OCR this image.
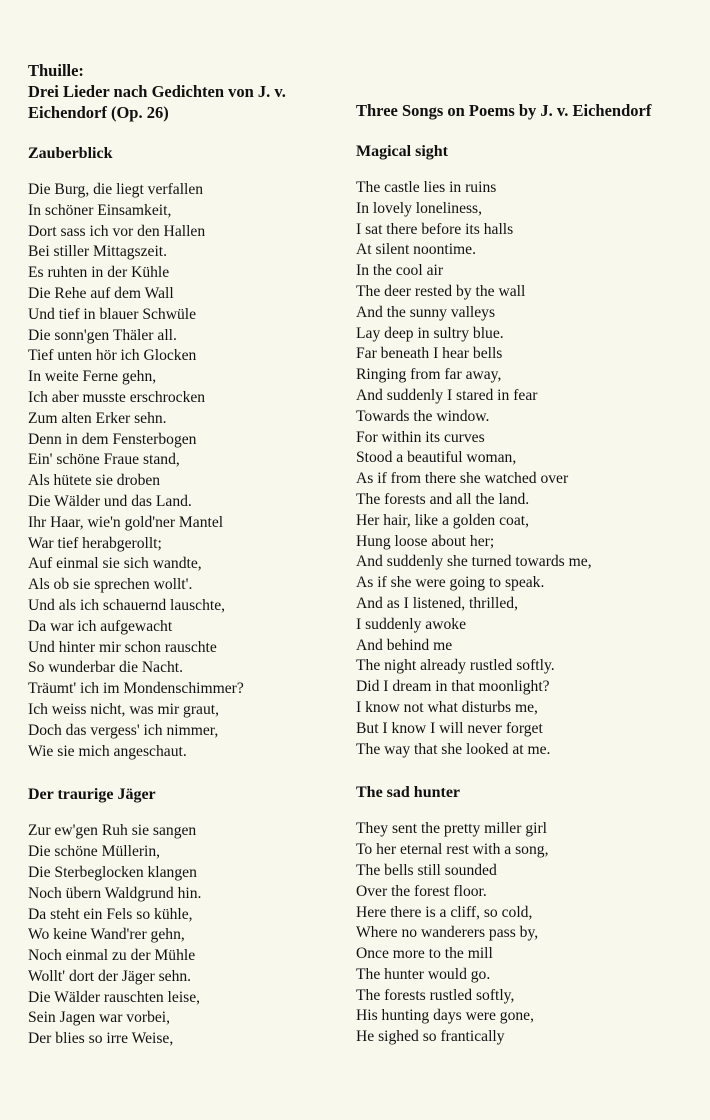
Thuille:

Drei Lieder nach Gedichten von J. v.

Eichendorf (Op. 26)

Zauberblick

Die Burg, die liegt verfallen

In schöner Einsamkeit,

Dort sass ich vor den Hallen

Bei stiller Mittagszeit.

Es ruhten in der Kühle

Die Rehe auf dem Wall

Und tief in blauer Schwüle

Die sonn'gen Thäler all.

Tief unten hör ich Glocken

In weite Ferne gehn,

Ich aber musste erschrocken

Zum alten Erker sehn.

Denn in dem Fensterbogen

Ein' schöne Fraue stand,

Als hütete sie droben

Die Wälder und das Land.

Ihr Haar, wie'n gold'ner Mantel

War tief herabgerollt;

Auf einmal sie sich wandte,

Als ob sie sprechen wollt'.

Und als ich schauernd lauschte,

Da war ich aufgewacht

Und hinter mir schon rauschte

So wunderbar die Nacht.

Träumt' ich im Mondenschimmer?

Ich weiss nicht, was mir graut,

Doch das vergess' ich nimmer,

Wie sie mich angeschaut.

Der traurige Jäger

Zur ew'gen Ruh sie sangen

Die schöne Müllerin,

Die Sterbeglocken klangen

Noch übern Waldgrund hin.

Da steht ein Fels so kühle,

Wo keine Wand'rer gehn,

Noch einmal zu der Mühle

Wollt' dort der Jäger sehn.

Die Wälder rauschten leise,

Sein Jagen war vorbei,

Der blies so irre Weise,

Three Songs on Poems by J. v. Eichendorf

Magical sight

The castle lies in ruins

In lovely loneliness,

I sat there before its halls

At silent noontime.

In the cool air

The deer rested by the wall

And the sunny valleys

Lay deep in sultry blue.

Far beneath I hear bells

Ringing from far away,

And suddenly I stared in fear

Towards the window.

For within its curves

Stood a beautiful woman,

As if from there she watched over

The forests and all the land.

Her hair, like a golden coat,

Hung loose about her;

And suddenly she turned towards me,

As if she were going to speak.

And as I listened, thrilled,

I suddenly awoke

And behind me

The night already rustled softly.

Did I dream in that moonlight?

I know not what disturbs me,

But I know I will never forget

The way that she looked at me.

The sad hunter

They sent the pretty miller girl

To her eternal rest with a song,

The bells still sounded

Over the forest floor.

Here there is a cliff, so cold,

Where no wanderers pass by,

Once more to the mill

The hunter would go.

The forests rustled softly,

His hunting days were gone,

He sighed so frantically
